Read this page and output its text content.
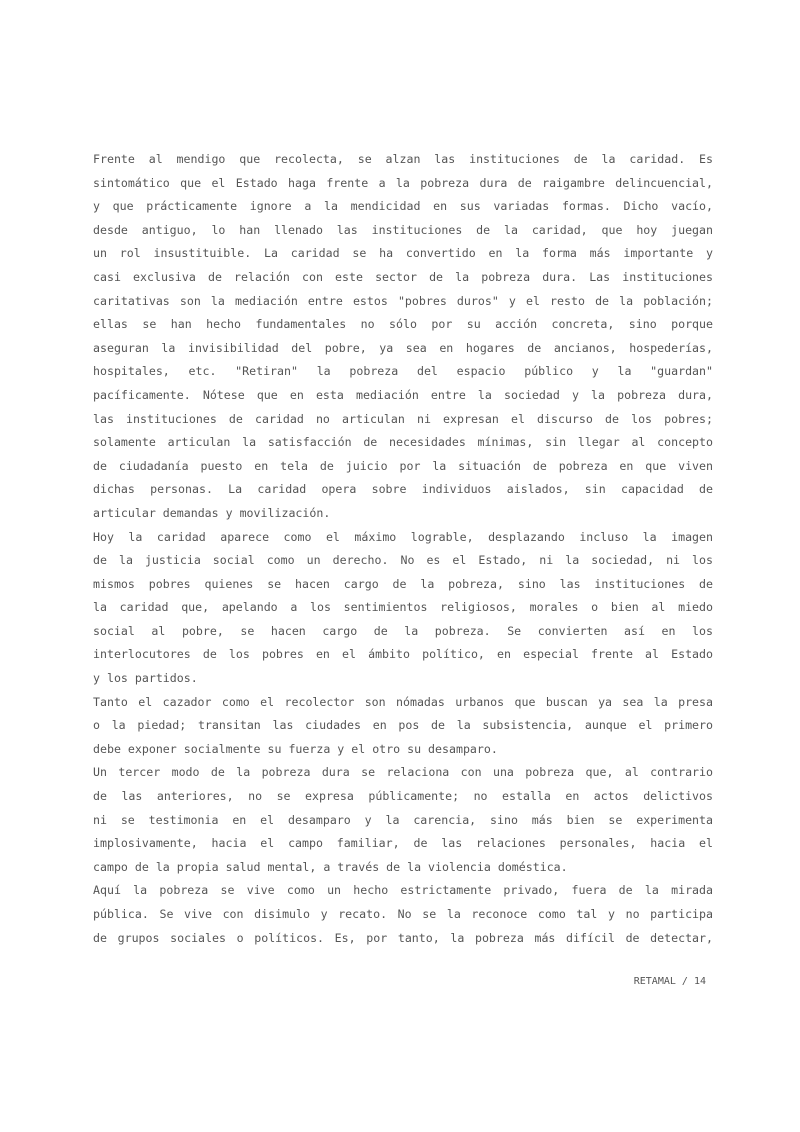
Frente al mendigo que recolecta, se alzan las instituciones de la caridad. Es
sintomático que el Estado haga frente a la pobreza dura de raigambre delincuencial,
y que prácticamente ignore a la mendicidad en sus variadas formas. Dicho vacío,
desde antiguo, lo han llenado las instituciones de la caridad, que hoy juegan
un rol insustituible. La caridad se ha convertido en la forma más importante y
casi exclusiva de relación con este sector de la pobreza dura. Las instituciones
caritativas son la mediación entre estos "pobres duros" y el resto de la población;
ellas se han hecho fundamentales no sólo por su acción concreta, sino porque
aseguran la invisibilidad del pobre, ya sea en hogares de ancianos, hospederías,
hospitales, etc. "Retiran" la pobreza del espacio público y la "guardan"
pacíficamente. Nótese que en esta mediación entre la sociedad y la pobreza dura,
las instituciones de caridad no articulan ni expresan el discurso de los pobres;
solamente articulan la satisfacción de necesidades mínimas, sin llegar al concepto
de ciudadanía puesto en tela de juicio por la situación de pobreza en que viven
dichas personas. La caridad opera sobre individuos aislados, sin capacidad de
articular demandas y movilización.
Hoy la caridad aparece como el máximo lograble, desplazando incluso la imagen
de la justicia social como un derecho. No es el Estado, ni la sociedad, ni los
mismos pobres quienes se hacen cargo de la pobreza, sino las instituciones de
la caridad que, apelando a los sentimientos religiosos, morales o bien al miedo
social al pobre, se hacen cargo de la pobreza. Se convierten así en los
interlocutores de los pobres en el ámbito político, en especial frente al Estado
y los partidos.
Tanto el cazador como el recolector son nómadas urbanos que buscan ya sea la presa
o la piedad; transitan las ciudades en pos de la subsistencia, aunque el primero
debe exponer socialmente su fuerza y el otro su desamparo.
Un tercer modo de la pobreza dura se relaciona con una pobreza que, al contrario
de las anteriores, no se expresa públicamente; no estalla en actos delictivos
ni se testimonia en el desamparo y la carencia, sino más bien se experimenta
implosivamente, hacia el campo familiar, de las relaciones personales, hacia el
campo de la propia salud mental, a través de la violencia doméstica.
Aquí la pobreza se vive como un hecho estrictamente privado, fuera de la mirada
pública. Se vive con disimulo y recato. No se la reconoce como tal y no participa
de grupos sociales o políticos. Es, por tanto, la pobreza más difícil de detectar,
RETAMAL / 14
